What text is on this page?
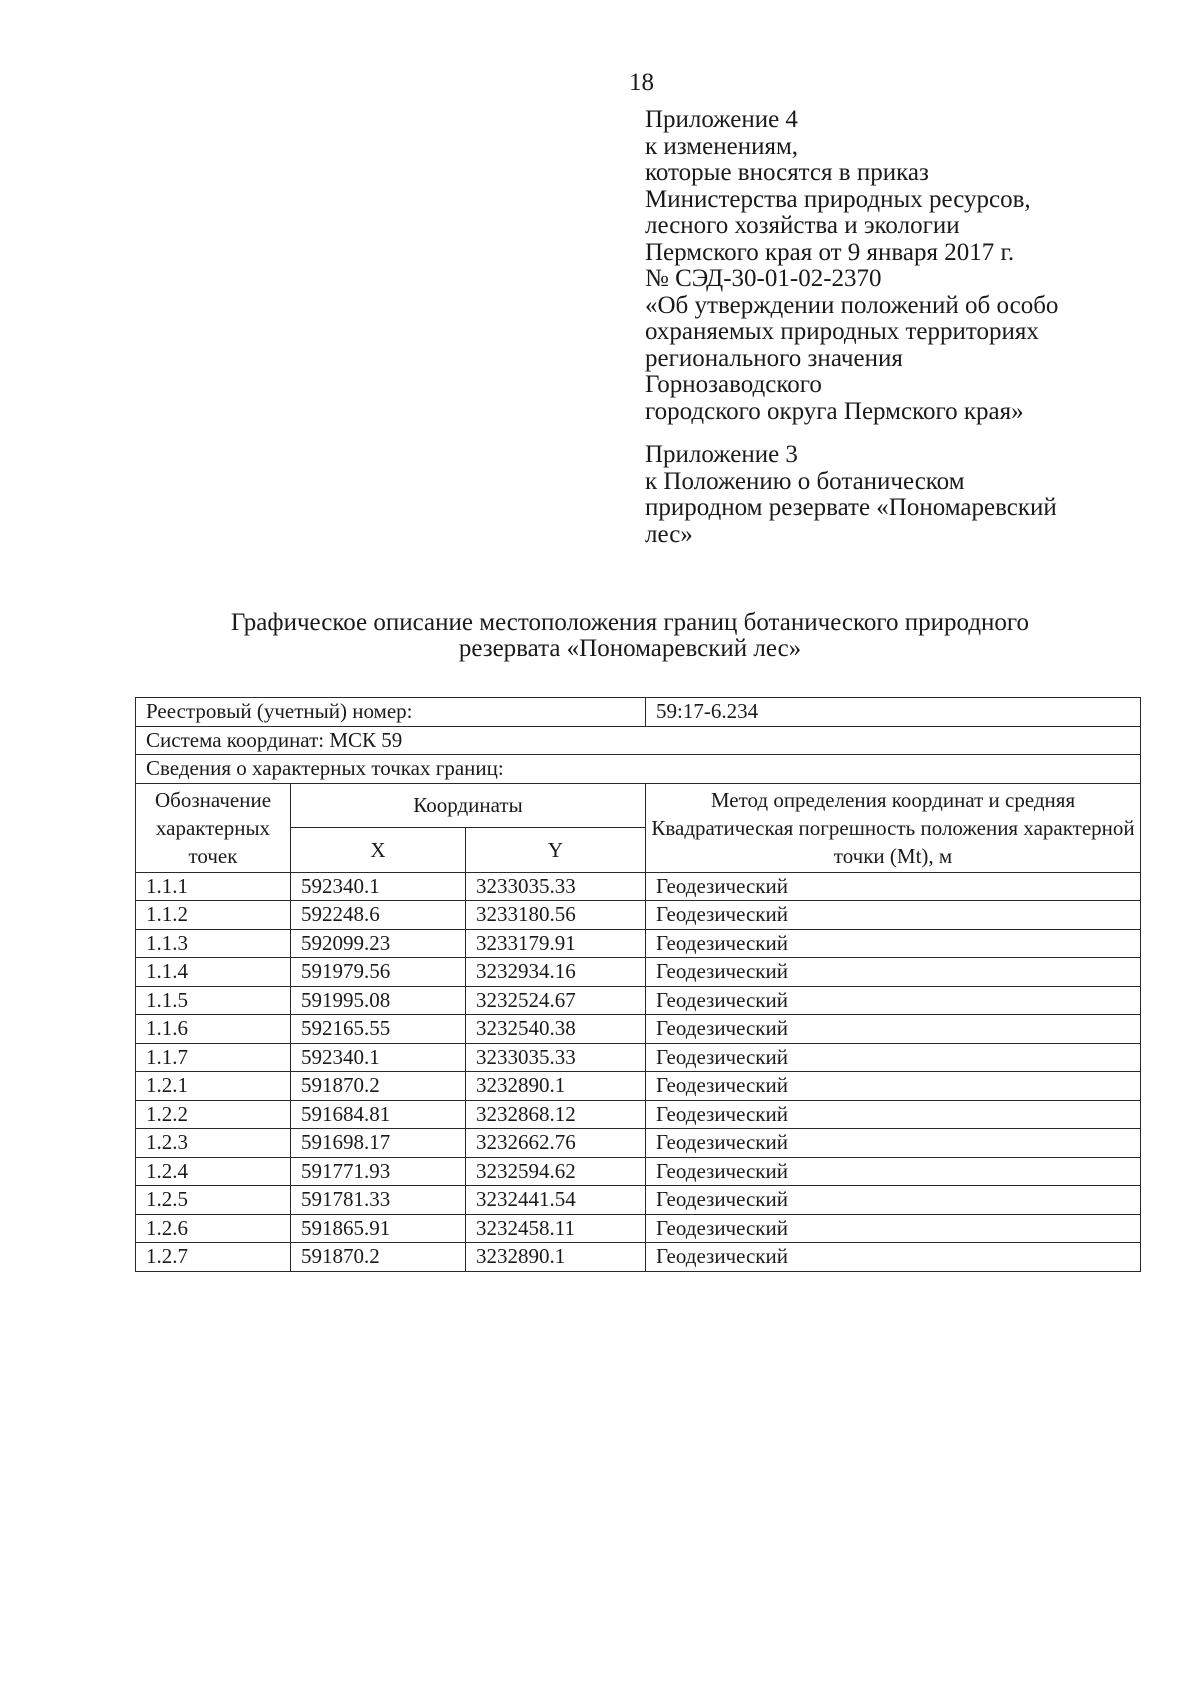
18
Приложение 4
к изменениям,
которые вносятся в приказ
Министерства природных ресурсов,
лесного хозяйства и экологии
Пермского края от 9 января 2017 г.
№ СЭД-30-01-02-2370
«Об утверждении положений об особо
охраняемых природных территориях
регионального значения
Горнозаводского
городского округа Пермского края»
Приложение 3
к Положению о ботаническом
природном резервате «Пономаревский
лес»
Графическое описание местоположения границ ботанического природного
резервата «Пономаревский лес»
Реестровый (учетный) номер:			59:17-6.234
Система координат: МСК 59			
Сведения о характерных точках границ:			
Обозначение характерных точек	Координаты		Метод определения координат и средняя Квадратическая погрешность положения характерной точки (Mt), м
	X	Y	
1.1.1	592340.1	3233035.33	Геодезический
1.1.2	592248.6	3233180.56	Геодезический
1.1.3	592099.23	3233179.91	Геодезический
1.1.4	591979.56	3232934.16	Геодезический
1.1.5	591995.08	3232524.67	Геодезический
1.1.6	592165.55	3232540.38	Геодезический
1.1.7	592340.1	3233035.33	Геодезический
1.2.1	591870.2	3232890.1	Геодезический
1.2.2	591684.81	3232868.12	Геодезический
1.2.3	591698.17	3232662.76	Геодезический
1.2.4	591771.93	3232594.62	Геодезический
1.2.5	591781.33	3232441.54	Геодезический
1.2.6	591865.91	3232458.11	Геодезический
1.2.7	591870.2	3232890.1	Геодезический
